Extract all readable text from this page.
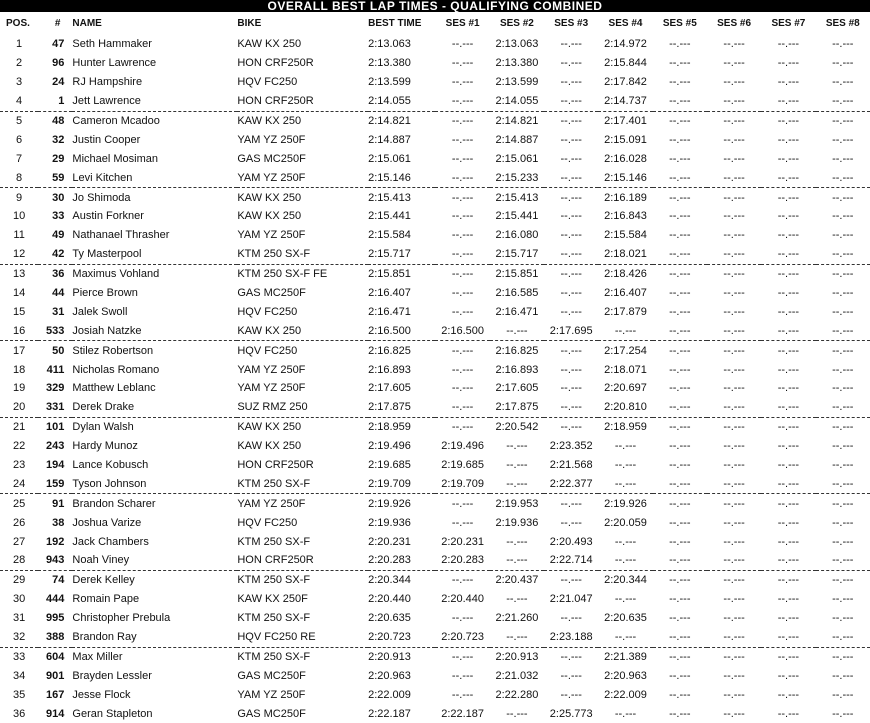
OVERALL BEST LAP TIMES - QUALIFYING COMBINED
POS.	#	NAME	BIKE	BEST TIME	SES #1	SES #2	SES #3	SES #4	SES #5	SES #6	SES #7	SES #8
1	47	Seth Hammaker	KAW KX 250	2:13.063	--.---	2:13.063	--.---	2:14.972	--.---	--.---	--.---	--.---
2	96	Hunter Lawrence	HON CRF250R	2:13.380	--.---	2:13.380	--.---	2:15.844	--.---	--.---	--.---	--.---
3	24	RJ Hampshire	HQV FC250	2:13.599	--.---	2:13.599	--.---	2:17.842	--.---	--.---	--.---	--.---
4	1	Jett Lawrence	HON CRF250R	2:14.055	--.---	2:14.055	--.---	2:14.737	--.---	--.---	--.---	--.---
5	48	Cameron Mcadoo	KAW KX 250	2:14.821	--.---	2:14.821	--.---	2:17.401	--.---	--.---	--.---	--.---
6	32	Justin Cooper	YAM YZ 250F	2:14.887	--.---	2:14.887	--.---	2:15.091	--.---	--.---	--.---	--.---
7	29	Michael Mosiman	GAS MC250F	2:15.061	--.---	2:15.061	--.---	2:16.028	--.---	--.---	--.---	--.---
8	59	Levi Kitchen	YAM YZ 250F	2:15.146	--.---	2:15.233	--.---	2:15.146	--.---	--.---	--.---	--.---
9	30	Jo Shimoda	KAW KX 250	2:15.413	--.---	2:15.413	--.---	2:16.189	--.---	--.---	--.---	--.---
10	33	Austin Forkner	KAW KX 250	2:15.441	--.---	2:15.441	--.---	2:16.843	--.---	--.---	--.---	--.---
11	49	Nathanael Thrasher	YAM YZ 250F	2:15.584	--.---	2:16.080	--.---	2:15.584	--.---	--.---	--.---	--.---
12	42	Ty Masterpool	KTM 250 SX-F	2:15.717	--.---	2:15.717	--.---	2:18.021	--.---	--.---	--.---	--.---
13	36	Maximus Vohland	KTM 250 SX-F FE	2:15.851	--.---	2:15.851	--.---	2:18.426	--.---	--.---	--.---	--.---
14	44	Pierce Brown	GAS MC250F	2:16.407	--.---	2:16.585	--.---	2:16.407	--.---	--.---	--.---	--.---
15	31	Jalek Swoll	HQV FC250	2:16.471	--.---	2:16.471	--.---	2:17.879	--.---	--.---	--.---	--.---
16	533	Josiah Natzke	KAW KX 250	2:16.500	2:16.500	--.---	2:17.695	--.---	--.---	--.---	--.---	--.---
17	50	Stilez Robertson	HQV FC250	2:16.825	--.---	2:16.825	--.---	2:17.254	--.---	--.---	--.---	--.---
18	411	Nicholas Romano	YAM YZ 250F	2:16.893	--.---	2:16.893	--.---	2:18.071	--.---	--.---	--.---	--.---
19	329	Matthew Leblanc	YAM YZ 250F	2:17.605	--.---	2:17.605	--.---	2:20.697	--.---	--.---	--.---	--.---
20	331	Derek Drake	SUZ RMZ 250	2:17.875	--.---	2:17.875	--.---	2:20.810	--.---	--.---	--.---	--.---
21	101	Dylan Walsh	KAW KX 250	2:18.959	--.---	2:20.542	--.---	2:18.959	--.---	--.---	--.---	--.---
22	243	Hardy Munoz	KAW KX 250	2:19.496	2:19.496	--.---	2:23.352	--.---	--.---	--.---	--.---	--.---
23	194	Lance Kobusch	HON CRF250R	2:19.685	2:19.685	--.---	2:21.568	--.---	--.---	--.---	--.---	--.---
24	159	Tyson Johnson	KTM 250 SX-F	2:19.709	2:19.709	--.---	2:22.377	--.---	--.---	--.---	--.---	--.---
25	91	Brandon Scharer	YAM YZ 250F	2:19.926	--.---	2:19.953	--.---	2:19.926	--.---	--.---	--.---	--.---
26	38	Joshua Varize	HQV FC250	2:19.936	--.---	2:19.936	--.---	2:20.059	--.---	--.---	--.---	--.---
27	192	Jack Chambers	KTM 250 SX-F	2:20.231	2:20.231	--.---	2:20.493	--.---	--.---	--.---	--.---	--.---
28	943	Noah Viney	HON CRF250R	2:20.283	2:20.283	--.---	2:22.714	--.---	--.---	--.---	--.---	--.---
29	74	Derek Kelley	KTM 250 SX-F	2:20.344	--.---	2:20.437	--.---	2:20.344	--.---	--.---	--.---	--.---
30	444	Romain Pape	KAW KX 250F	2:20.440	2:20.440	--.---	2:21.047	--.---	--.---	--.---	--.---	--.---
31	995	Christopher Prebula	KTM 250 SX-F	2:20.635	--.---	2:21.260	--.---	2:20.635	--.---	--.---	--.---	--.---
32	388	Brandon Ray	HQV FC250 RE	2:20.723	2:20.723	--.---	2:23.188	--.---	--.---	--.---	--.---	--.---
33	604	Max Miller	KTM 250 SX-F	2:20.913	--.---	2:20.913	--.---	2:21.389	--.---	--.---	--.---	--.---
34	901	Brayden Lessler	GAS MC250F	2:20.963	--.---	2:21.032	--.---	2:20.963	--.---	--.---	--.---	--.---
35	167	Jesse Flock	YAM YZ 250F	2:22.009	--.---	2:22.280	--.---	2:22.009	--.---	--.---	--.---	--.---
36	914	Geran Stapleton	GAS MC250F	2:22.187	2:22.187	--.---	2:25.773	--.---	--.---	--.---	--.---	--.---
